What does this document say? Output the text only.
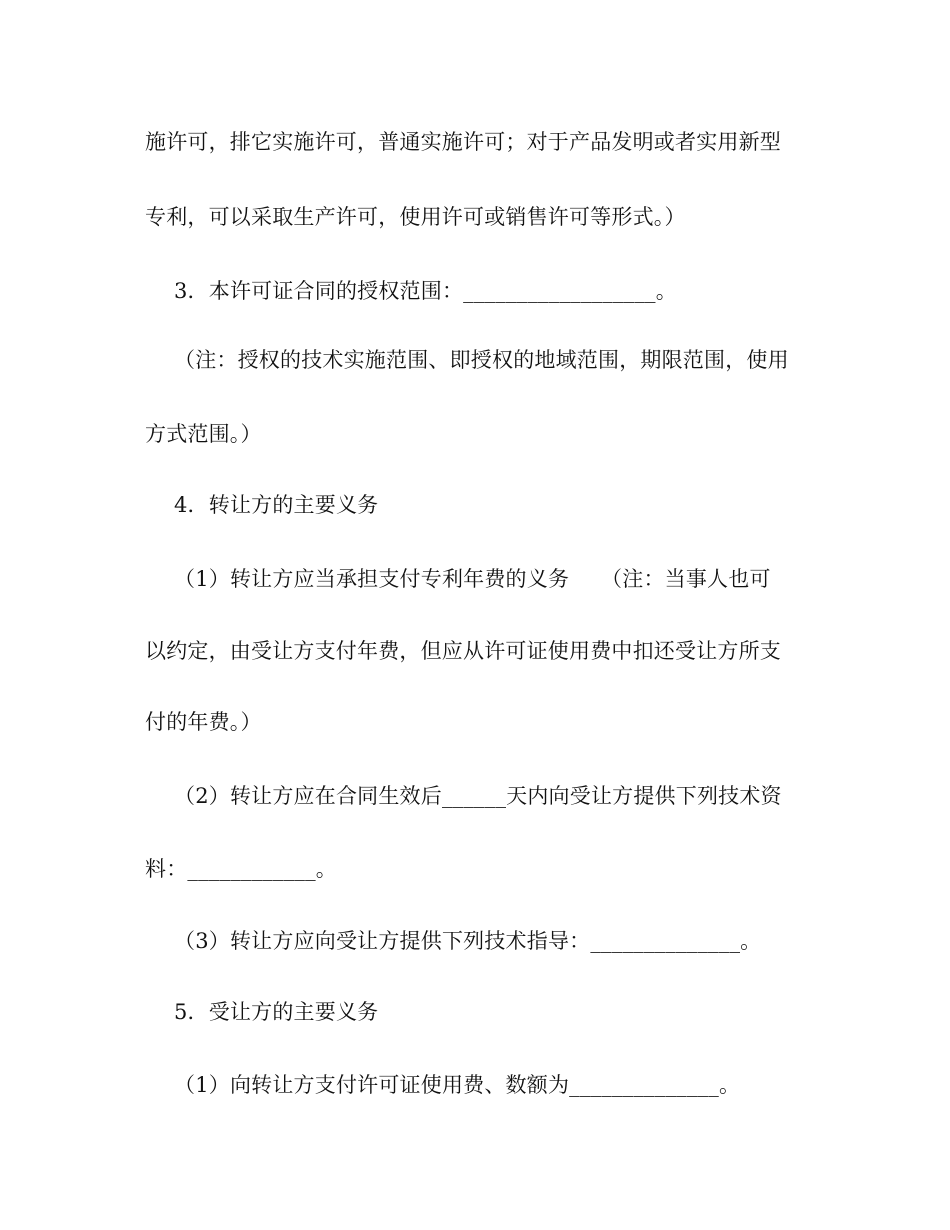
施许可，排它实施许可，普通实施许可；对于产品发明或者实用新型
专利，可以采取生产许可，使用许可或销售许可等形式。）
3．本许可证合同的授权范围：__________________。
（注：授权的技术实施范围、即授权的地域范围，期限范围，使用
方式范围。）
4．转让方的主要义务
（1）转让方应当承担支付专利年费的义务　　（注：当事人也可
以约定，由受让方支付年费，但应从许可证使用费中扣还受让方所支
付的年费。）
（2）转让方应在合同生效后______天内向受让方提供下列技术资
料：____________。
（3）转让方应向受让方提供下列技术指导：______________。
5．受让方的主要义务
（1）向转让方支付许可证使用费、数额为______________。
